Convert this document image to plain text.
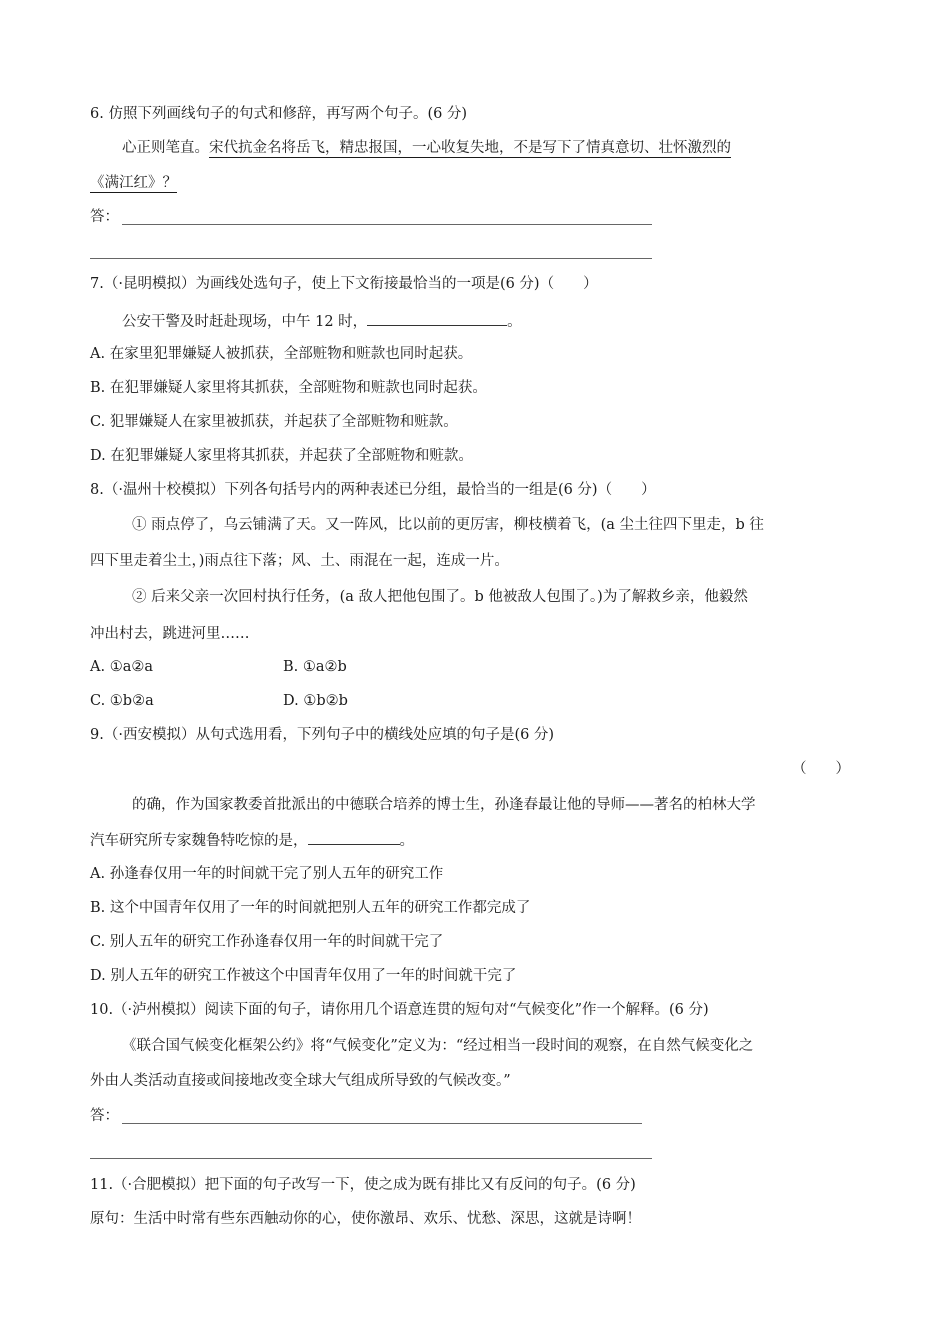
6. 仿照下列画线句子的句式和修辞，再写两个句子。(6 分)
心正则笔直。宋代抗金名将岳飞，精忠报国，一心收复失地，不是写下了情真意切、壮怀激烈的
《满江红》？
答：
7.（·昆明模拟）为画线处选句子，使上下文衔接最恰当的一项是(6 分)（　　）
公安干警及时赶赴现场，中午 12 时，	。
A. 在家里犯罪嫌疑人被抓获，全部赃物和赃款也同时起获。
B. 在犯罪嫌疑人家里将其抓获，全部赃物和赃款也同时起获。
C. 犯罪嫌疑人在家里被抓获，并起获了全部赃物和赃款。
D. 在犯罪嫌疑人家里将其抓获，并起获了全部赃物和赃款。
8.（·温州十校模拟）下列各句括号内的两种表述已分组，最恰当的一组是(6 分)（　　）
① 雨点停了，乌云铺满了天。又一阵风，比以前的更厉害，柳枝横着飞，(a 尘土往四下里走，b 往
四下里走着尘土，)雨点往下落；风、土、雨混在一起，连成一片。
② 后来父亲一次回村执行任务，(a 敌人把他包围了。b 他被敌人包围了。)为了解救乡亲，他毅然
冲出村去，跳进河里……
A. ①a②a	B. ①a②b
C. ①b②a	D. ①b②b
9.（·西安模拟）从句式选用看，下列句子中的横线处应填的句子是(6 分)
（　　）
的确，作为国家教委首批派出的中德联合培养的博士生，孙逢春最让他的导师——著名的柏林大学
汽车研究所专家魏鲁特吃惊的是，	。
A. 孙逢春仅用一年的时间就干完了别人五年的研究工作
B. 这个中国青年仅用了一年的时间就把别人五年的研究工作都完成了
C. 别人五年的研究工作孙逢春仅用一年的时间就干完了
D. 别人五年的研究工作被这个中国青年仅用了一年的时间就干完了
10.（·泸州模拟）阅读下面的句子，请你用几个语意连贯的短句对“气候变化”作一个解释。(6 分)
《联合国气候变化框架公约》将“气候变化”定义为：“经过相当一段时间的观察，在自然气候变化之
外由人类活动直接或间接地改变全球大气组成所导致的气候改变。”
答：
11.（·合肥模拟）把下面的句子改写一下，使之成为既有排比又有反问的句子。(6 分)
原句：生活中时常有些东西触动你的心，使你激昂、欢乐、忧愁、深思，这就是诗啊！
